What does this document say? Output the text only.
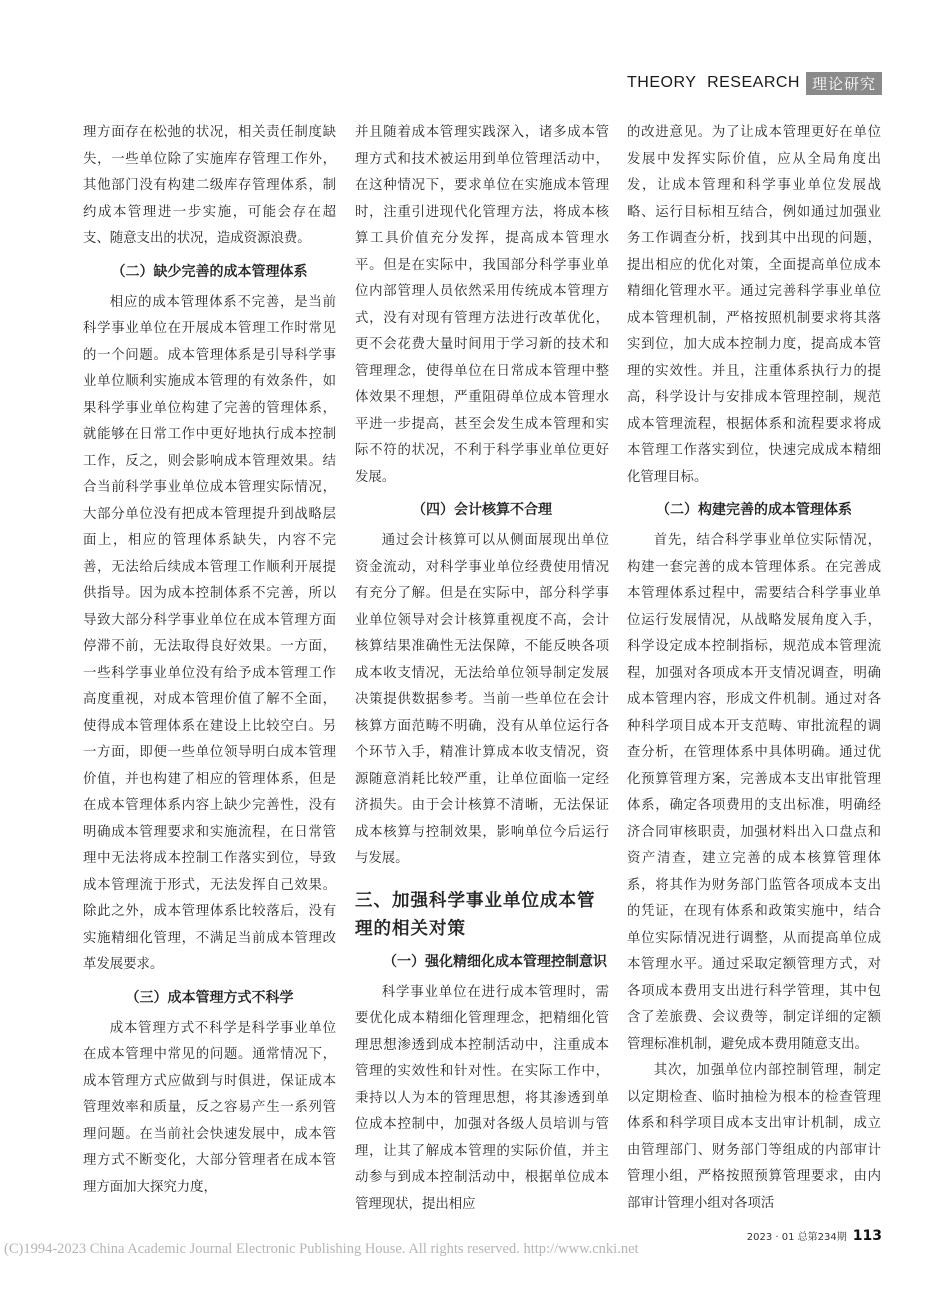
THEORY RESEARCH 理论研究

理方面存在松弛的状况，相关责任制度缺失，一些单位除了实施库存管理工作外，其他部门没有构建二级库存管理体系，制约成本管理进一步实施，可能会存在超支、随意支出的状况，造成资源浪费。

（二）缺少完善的成本管理体系

相应的成本管理体系不完善，是当前科学事业单位在开展成本管理工作时常见的一个问题。成本管理体系是引导科学事业单位顺利实施成本管理的有效条件，如果科学事业单位构建了完善的管理体系，就能够在日常工作中更好地执行成本控制工作，反之，则会影响成本管理效果。结合当前科学事业单位成本管理实际情况，大部分单位没有把成本管理提升到战略层面上，相应的管理体系缺失，内容不完善，无法给后续成本管理工作顺利开展提供指导。因为成本控制体系不完善，所以导致大部分科学事业单位在成本管理方面停滞不前，无法取得良好效果。一方面，一些科学事业单位没有给予成本管理工作高度重视，对成本管理价值了解不全面，使得成本管理体系在建设上比较空白。另一方面，即便一些单位领导明白成本管理价值，并也构建了相应的管理体系，但是在成本管理体系内容上缺少完善性，没有明确成本管理要求和实施流程，在日常管理中无法将成本控制工作落实到位，导致成本管理流于形式，无法发挥自己效果。除此之外，成本管理体系比较落后，没有实施精细化管理，不满足当前成本管理改革发展要求。

（三）成本管理方式不科学

成本管理方式不科学是科学事业单位在成本管理中常见的问题。通常情况下，成本管理方式应做到与时俱进，保证成本管理效率和质量，反之容易产生一系列管理问题。在当前社会快速发展中，成本管理方式不断变化，大部分管理者在成本管理方面加大探究力度，

并且随着成本管理实践深入，诸多成本管理方式和技术被运用到单位管理活动中，在这种情况下，要求单位在实施成本管理时，注重引进现代化管理方法，将成本核算工具价值充分发挥，提高成本管理水平。但是在实际中，我国部分科学事业单位内部管理人员依然采用传统成本管理方式，没有对现有管理方法进行改革优化，更不会花费大量时间用于学习新的技术和管理理念，使得单位在日常成本管理中整体效果不理想，严重阻碍单位成本管理水平进一步提高，甚至会发生成本管理和实际不符的状况，不利于科学事业单位更好发展。

（四）会计核算不合理

通过会计核算可以从侧面展现出单位资金流动，对科学事业单位经费使用情况有充分了解。但是在实际中，部分科学事业单位领导对会计核算重视度不高，会计核算结果准确性无法保障，不能反映各项成本收支情况，无法给单位领导制定发展决策提供数据参考。当前一些单位在会计核算方面范畴不明确，没有从单位运行各个环节入手，精准计算成本收支情况，资源随意消耗比较严重，让单位面临一定经济损失。由于会计核算不清晰，无法保证成本核算与控制效果，影响单位今后运行与发展。

三、加强科学事业单位成本管理的相关对策
（一）强化精细化成本管理控制意识

科学事业单位在进行成本管理时，需要优化成本精细化管理理念，把精细化管理思想渗透到成本控制活动中，注重成本管理的实效性和针对性。在实际工作中，秉持以人为本的管理思想，将其渗透到单位成本控制中，加强对各级人员培训与管理，让其了解成本管理的实际价值，并主动参与到成本控制活动中，根据单位成本管理现状，提出相应

的改进意见。为了让成本管理更好在单位发展中发挥实际价值，应从全局角度出发，让成本管理和科学事业单位发展战略、运行目标相互结合，例如通过加强业务工作调查分析，找到其中出现的问题，提出相应的优化对策，全面提高单位成本精细化管理水平。通过完善科学事业单位成本管理机制，严格按照机制要求将其落实到位，加大成本控制力度，提高成本管理的实效性。并且，注重体系执行力的提高，科学设计与安排成本管理控制，规范成本管理流程，根据体系和流程要求将成本管理工作落实到位，快速完成成本精细化管理目标。

（二）构建完善的成本管理体系

首先，结合科学事业单位实际情况，构建一套完善的成本管理体系。在完善成本管理体系过程中，需要结合科学事业单位运行发展情况，从战略发展角度入手，科学设定成本控制指标，规范成本管理流程，加强对各项成本开支情况调查，明确成本管理内容，形成文件机制。通过对各种科学项目成本开支范畴、审批流程的调查分析，在管理体系中具体明确。通过优化预算管理方案，完善成本支出审批管理体系，确定各项费用的支出标准，明确经济合同审核职责，加强材料出入口盘点和资产清查，建立完善的成本核算管理体系，将其作为财务部门监管各项成本支出的凭证，在现有体系和政策实施中，结合单位实际情况进行调整，从而提高单位成本管理水平。通过采取定额管理方式，对各项成本费用支出进行科学管理，其中包含了差旅费、会议费等，制定详细的定额管理标准机制，避免成本费用随意支出。

其次，加强单位内部控制管理，制定以定期检查、临时抽检为根本的检查管理体系和科学项目成本支出审计机制，成立由管理部门、财务部门等组成的内部审计管理小组，严格按照预算管理要求，由内部审计管理小组对各项活

2023 · 01 总第234期 113
(C)1994-2023 China Academic Journal Electronic Publishing House. All rights reserved. http://www.cnki.net
